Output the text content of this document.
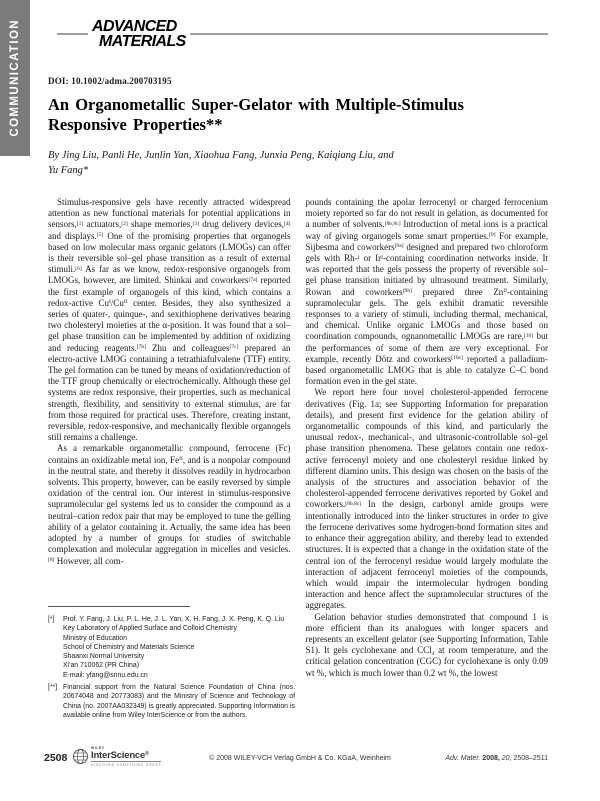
COMMUNICATION	ADVANCED
MATERIALS
DOI: 10.1002/adma.200703195
An Organometallic Super-Gelator with Multiple-Stimulus
Responsive Properties**
By Jing Liu, Panli He, Junlin Yan, Xiaohua Fang, Junxia Peng, Kaiqiang Liu, and
Yu Fang*

Stimulus-responsive gels have recently attracted widespread attention as new functional materials for potential applications in sensors,[1] actuators,[2] shape memories,[3] drug delivery devices,[4] and displays.[5] One of the promising properties that organogels based on low molecular mass organic gelators (LMOGs) can offer is their reversible sol–gel phase transition as a result of external stimuli.[6] As far as we know, redox-responsive organogels from LMOGs, however, are limited. Shinkai and coworkers[7a] reported the first example of organogels of this kind, which contains a redox-active $Cu^I/Cu^{II}$ center. Besides, they also synthesized a series of quater-, quinque-, and sexithiophene derivatives bearing two cholesteryl moieties at the α-position. It was found that a sol–gel phase transition can be implemented by addition of oxidizing and reducing reagents.[7b] Zhu and colleagues[7c] prepared an electro-active LMOG containing a tetrathiafulvalene (TTF) entity. The gel formation can be tuned by means of oxidation/reduction of the TTF group chemically or electrochemically. Although these gel systems are redox responsive, their properties, such as mechanical strength, flexibility, and sensitivity to external stimulus, are far from those required for practical uses. Therefore, creating instant, reversible, redox-responsive, and mechanically flexible organogels still remains a challenge.

As a remarkable organometallic compound, ferrocene (Fc) contains an oxidizable metal ion, $Fe^{II}$, and is a nonpolar compound in the neutral state, and thereby it dissolves readily in hydrocarbon solvents. This property, however, can be easily reversed by simple oxidation of the central ion. Our interest in stimulus-responsive supramolecular gel systems led us to consider the compound as a neutral–cation redox pair that may be employed to tune the gelling ability of a gelator containing it. Actually, the same idea has been adopted by a number of groups for studies of switchable complexation and molecular aggregation in micelles and vesicles.[8] However, all com-

pounds containing the apolar ferrocenyl or charged ferrocenium moiety reported so far do not result in gelation, as documented for a number of solvents.[8b,8c] Introduction of metal ions is a practical way of giving organogels some smart properties.[9] For example, Sijbesma and coworkers[9a] designed and prepared two chloroform gels with Rh-$^I$ or $Ir^I$-containing coordination networks inside. It was reported that the gels possess the property of reversible sol–gel phase transition initiated by ultrasound treatment. Similarly, Rowan and coworkers[9b] prepared three $Zn^{II}$-containing supramolecular gels. The gels exhibit dramatic reversible responses to a variety of stimuli, including thermal, mechanical, and chemical. Unlike organic LMOGs and those based on coordination compounds, ognanometallic LMOGs are rare,[10] but the performances of some of them are very exceptional. For example, recently Dötz and coworkers[10c] reported a palladium-based organometallic LMOG that is able to catalyze C–C bond formation even in the gel state.

We report here four novel cholesterol-appended ferrocene derivatives (Fig. 1a; see Supporting Information for preparation details), and present first evidence for the gelation ability of organometallic compounds of this kind, and particularly the unusual redox-, mechanical-, and ultrasonic-controllable sol–gel phase transition phenomena. These gelators contain one redox-active ferrocenyl moiety and one cholesteryl residue linked by different diamino units. This design was chosen on the basis of the analysis of the structures and association behavior of the cholesterol-appended ferrocene derivatives reported by Gokel and coworkers.[8b,8c] In the design, carbonyl amide groups were intentionally introduced into the linker structures in order to give the ferrocene derivatives some hydrogen-bond formation sites and to enhance their aggregation ability, and thereby lead to extended structures. It is expected that a change in the oxidation state of the central ion of the ferrocenyl residue would largely modulate the interaction of adjacent ferrocenyl moieties of the compounds, which would impair the intermolecular hydrogen bonding interaction and hence affect the supramolecular structures of the aggregates.

Gelation behavior studies demonstrated that compound 1 is more efficient than its analogues with longer spacers and represents an excellent gelator (see Supporting Information, Table S1). It gels cyclohexane and CCl$_4$ at room temperature, and the critical gelation concentration (CGC) for cyclohexane is only 0.09 wt %, which is much lower than 0.2 wt %, the lowest

[*]	Prof. Y. Fang, J. Liu, P. L. He, J. L. Yan, X. H. Fang, J. X. Peng, K. Q. Liu
Key Laboratory of Applied Surface and Colloid Chemistry
Ministry of Education
School of Chemistry and Materials Science
Shaanxi Normal University
Xi'an 710062 (PR China)
E-mail: yfang@snnu.edu.cn
[**] Financial support from the Natural Science Foundation of China (nos. 20674048 and 20773083) and the Ministry of Science and Technology of China (no. 2007AA032349) is greatly appreciated. Supporting Information is available online from Wiley InterScience or from the authors.
2508
WILEY
InterScience®
DISCOVER SOMETHING GREAT
© 2008 WILEY-VCH Verlag GmbH & Co. KGaA, Weinheim	Adv. Mater. 2008, 20, 2508–2511
